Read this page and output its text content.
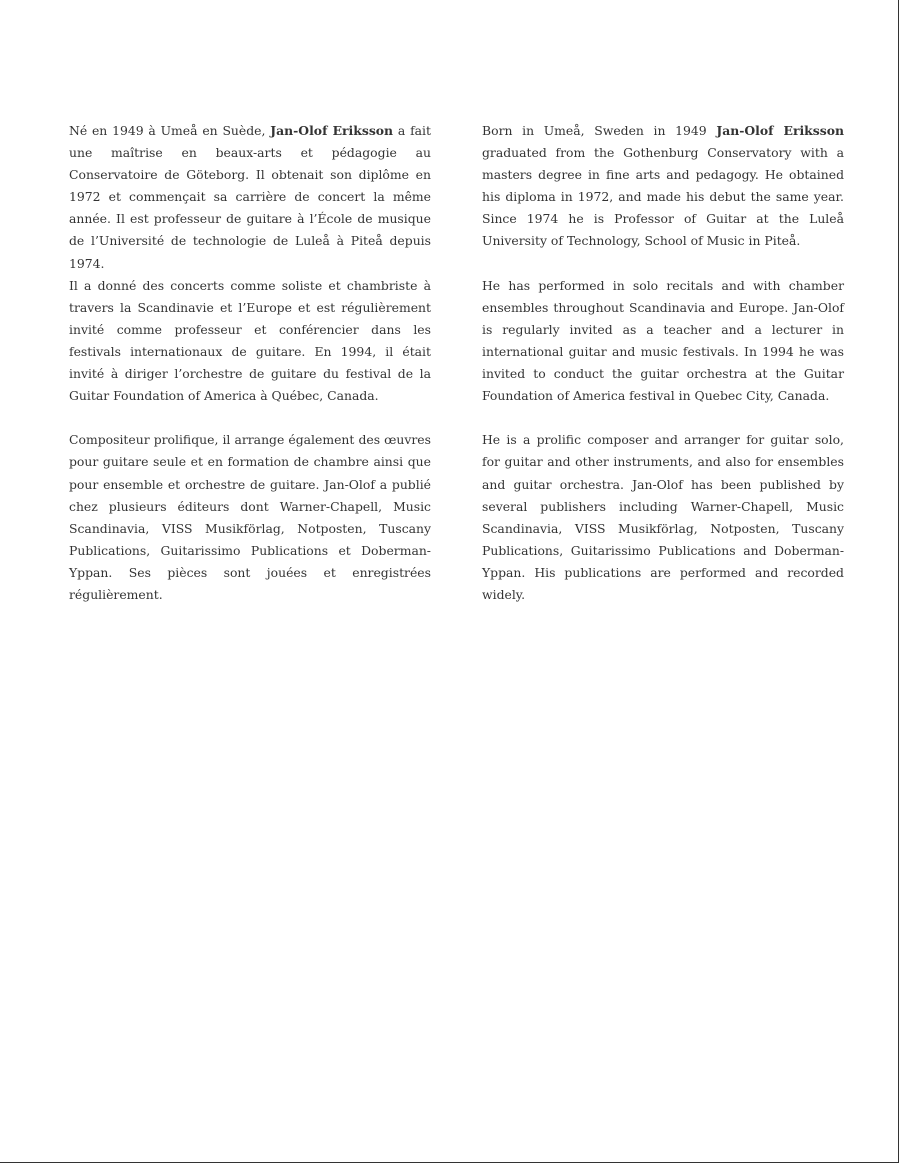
Né en 1949 à Umeå en Suède, Jan-Olof Eriksson a fait une maîtrise en beaux-arts et pédagogie au Conservatoire de Göteborg. Il obtenait son diplôme en 1972 et commençait sa carrière de concert la même année. Il est professeur de guitare à l’École de musique de l’Université de technologie de Luleå à Piteå depuis 1974.

Il a donné des concerts comme soliste et chambriste à travers la Scandinavie et l’Europe et est régulièrement invité comme professeur et conférencier dans les festivals internationaux de guitare. En 1994, il était invité à diriger l’orchestre de guitare du festival de la Guitar Foundation of America à Québec, Canada.

Compositeur prolifique, il arrange également des œuvres pour guitare seule et en formation de chambre ainsi que pour ensemble et orchestre de guitare. Jan-Olof a publié chez plusieurs éditeurs dont Warner-Chapell, Music Scandinavia, VISS Musikförlag, Notposten, Tuscany Publications, Guitarissimo Publications et Doberman-Yppan. Ses pièces sont jouées et enregistrées régulièrement.

Born in Umeå, Sweden in 1949 Jan-Olof Eriksson graduated from the Gothenburg Conservatory with a masters degree in fine arts and pedagogy. He obtained his diploma in 1972, and made his debut the same year. Since 1974 he is Professor of Guitar at the Luleå University of Technology, School of Music in Piteå.

He has performed in solo recitals and with chamber ensembles throughout Scandinavia and Europe. Jan-Olof is regularly invited as a teacher and a lecturer in international guitar and music festivals. In 1994 he was invited to conduct the guitar orchestra at the Guitar Foundation of America festival in Quebec City, Canada.

He is a prolific composer and arranger for guitar solo, for guitar and other instruments, and also for ensembles and guitar orchestra. Jan-Olof has been published by several publishers including Warner-Chapell, Music Scandinavia, VISS Musikförlag, Notposten, Tuscany Publications, Guitarissimo Publications and Doberman-Yppan. His publications are performed and recorded widely.
